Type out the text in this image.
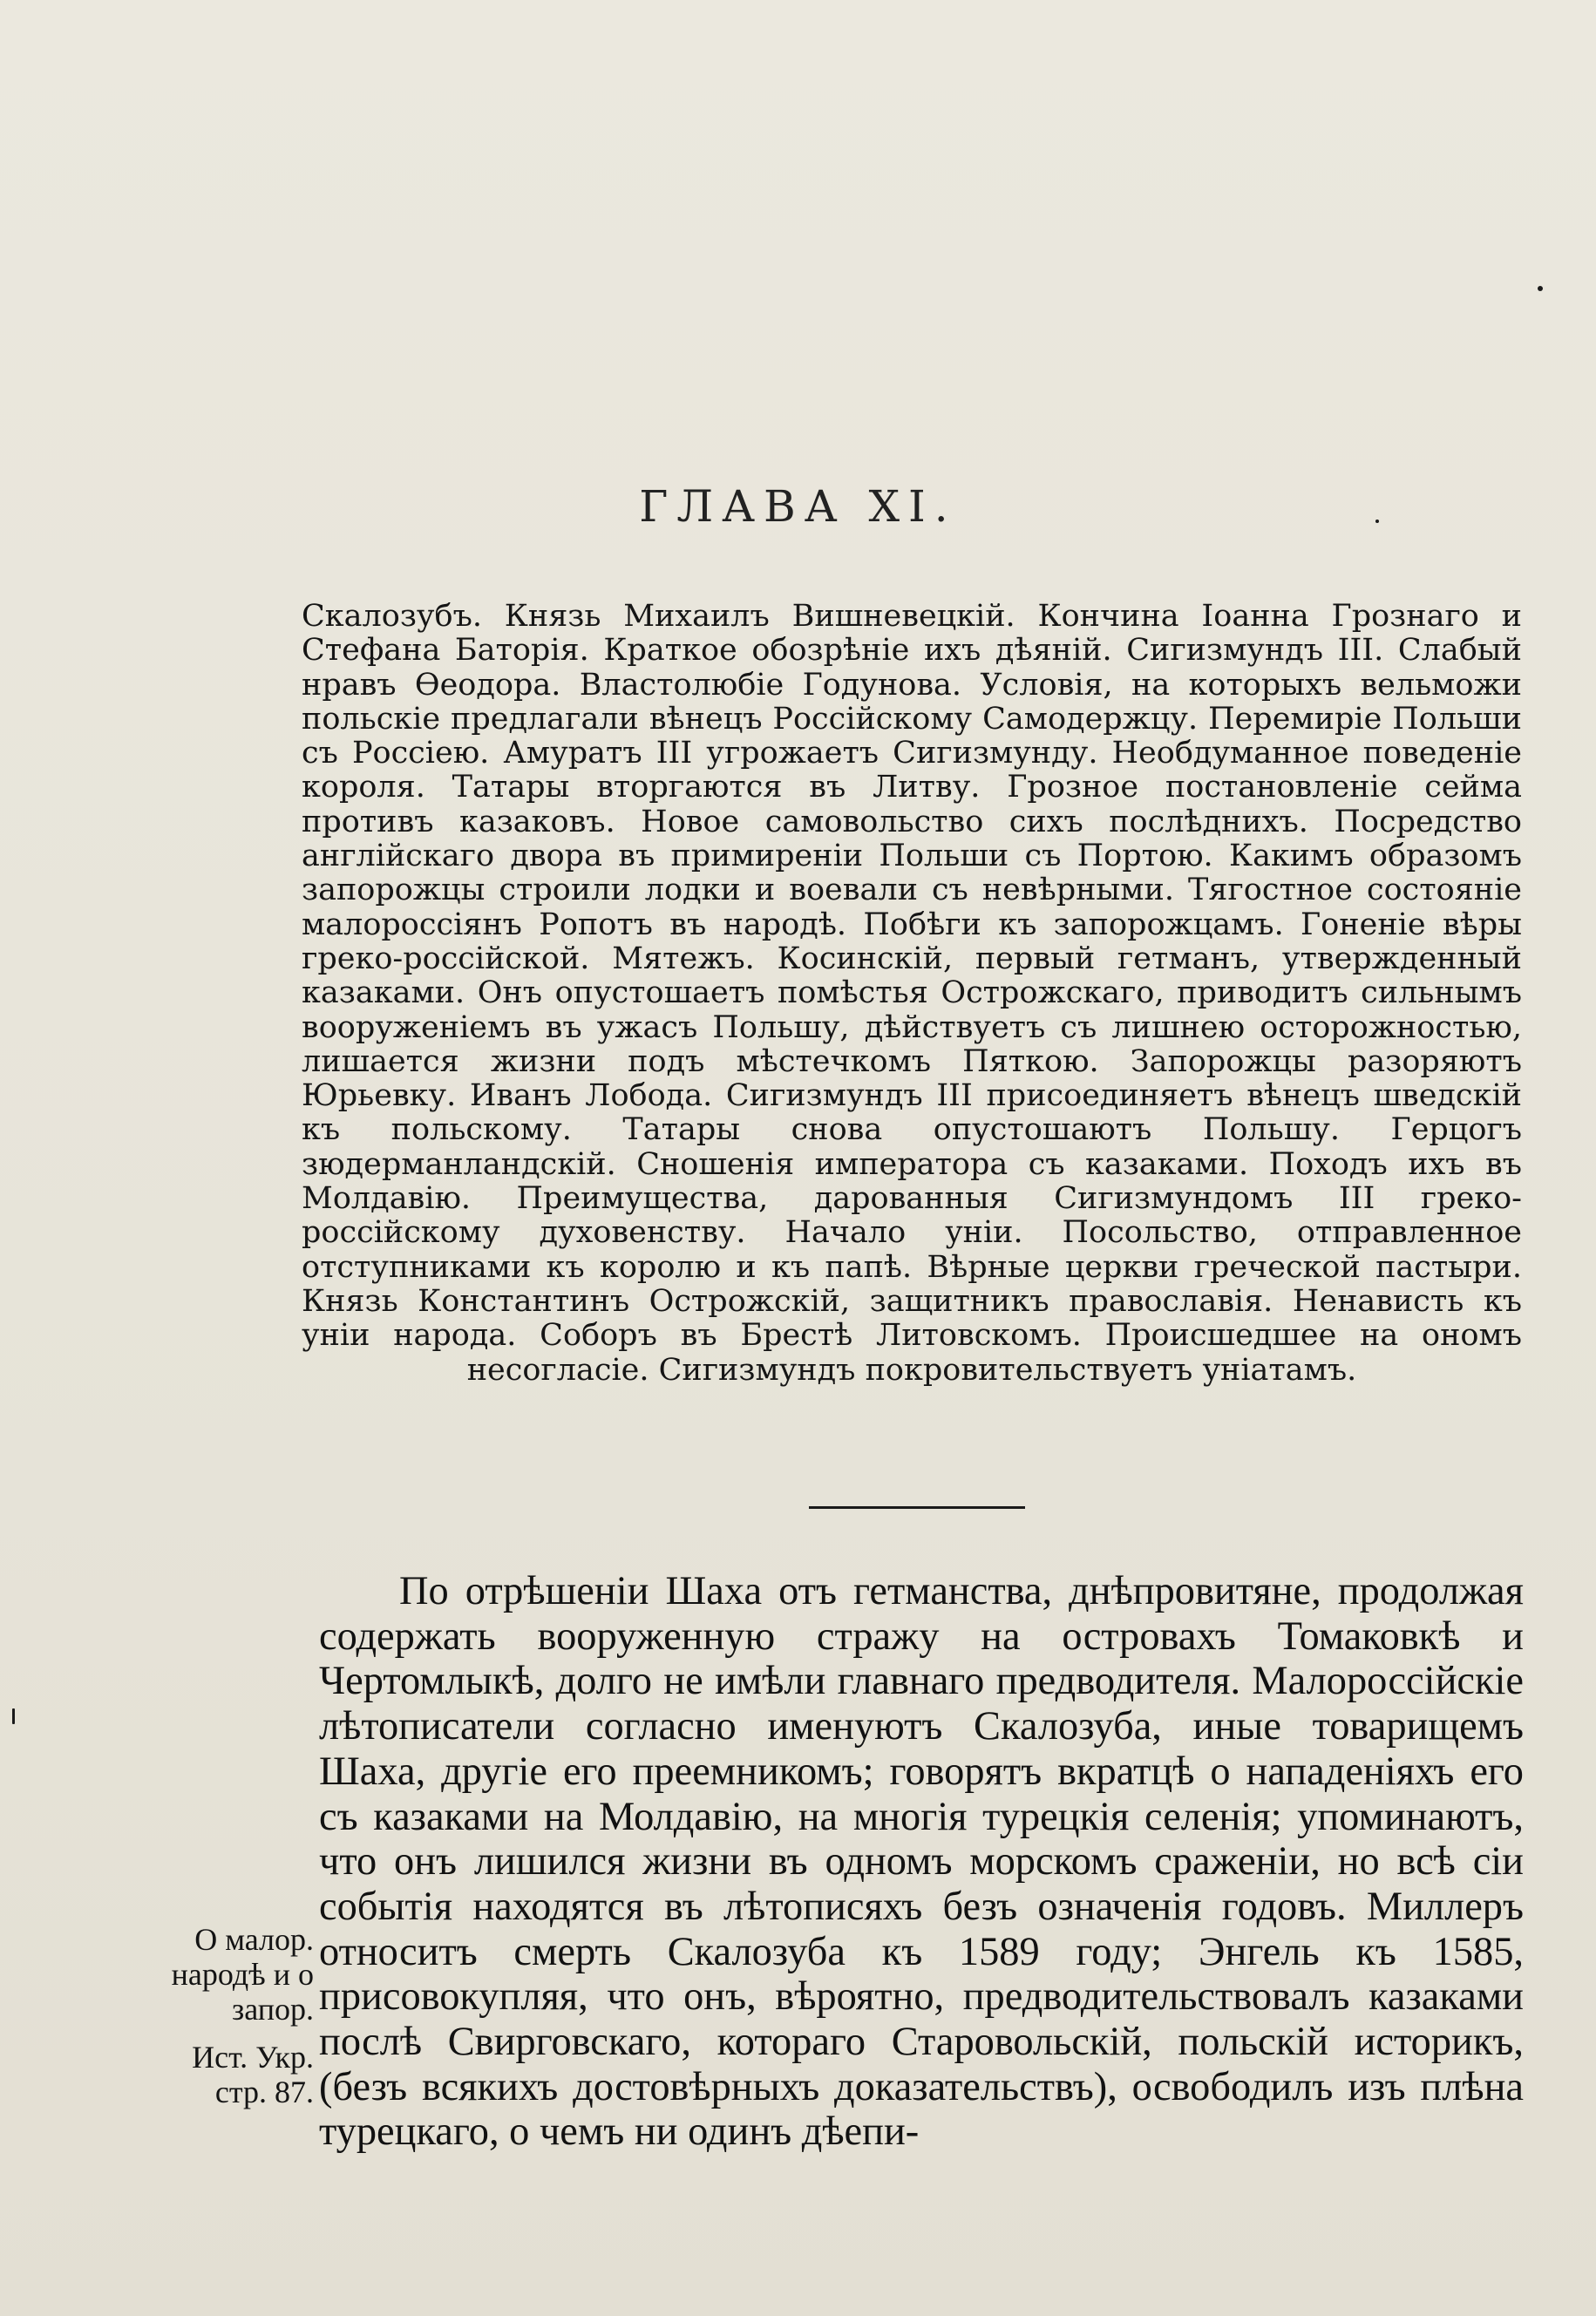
ГЛАВА XI.

Скалозубъ. Князь Михаилъ Вишневецкій. Кончина Іоанна Грознаго и Стефана Баторія. Краткое обозрѣніе ихъ дѣяній. Сигизмундъ III. Слабый нравъ Ѳеодора. Властолюбіе Годунова. Условія, на которыхъ вельможи польскіе предлагали вѣнецъ Россійскому Самодержцу. Перемиріе Польши съ Россіею. Амуратъ III угрожаетъ Сигизмунду. Необдуманное поведеніе короля. Татары вторгаются въ Литву. Грозное постановленіе сейма противъ казаковъ. Новое самовольство сихъ послѣднихъ. Посредство англійскаго двора въ примиреніи Польши съ Портою. Какимъ образомъ запорожцы строили лодки и воевали съ невѣрными. Тягостное состояніе малороссіянъ Ропотъ въ народѣ. Побѣги къ запорожцамъ. Гоненіе вѣры греко-россійской. Мятежъ. Косинскій, первый гетманъ, утвержденный казаками. Онъ опустошаетъ помѣстья Острожскаго, приводитъ сильнымъ вооруженіемъ въ ужасъ Польшу, дѣйствуетъ съ лишнею осторожностью, лишается жизни подъ мѣстечкомъ Пяткою. Запорожцы разоряютъ Юрьевку. Иванъ Лобода. Сигизмундъ III присоединяетъ вѣнецъ шведскій къ польскому. Татары снова опустошаютъ Польшу. Герцогъ зюдерманландскій. Сношенія императора съ казаками. Походъ ихъ въ Молдавію. Преимущества, дарованныя Сигизмундомъ III греко-россійскому духовенству. Начало уніи. Посольство, отправленное отступниками къ королю и къ папѣ. Вѣрные церкви греческой пастыри. Князь Константинъ Острожскій, защитникъ православія. Ненависть къ уніи народа. Соборъ въ Брестѣ Литовскомъ. Происшедшее на ономъ несогласіе. Сигизмундъ покровительствуетъ уніатамъ.

По отрѣшеніи Шаха отъ гетманства, днѣпровитяне, продолжая содержать вооруженную стражу на островахъ Томаковкѣ и Чертомлыкѣ, долго не имѣли главнаго предводителя. Малороссійскіе лѣтописатели согласно именуютъ Скалозуба, иные товарищемъ Шаха, другіе его преемникомъ; говорятъ вкратцѣ о нападеніяхъ его съ казаками на Молдавію, на многія турецкія селенія; упоминаютъ, что онъ лишился жизни въ одномъ морскомъ сраженіи, но всѣ сіи событія находятся въ лѣтописяхъ безъ означенія годовъ. Миллеръ относитъ смерть Скалозуба къ 1589 году; Энгель къ 1585, присовокупляя, что онъ, вѣроятно, предводительствовалъ казаками послѣ Свирговскаго, котораго Старовольскій, польскій историкъ, (безъ всякихъ достовѣрныхъ доказательствъ), освободилъ изъ плѣна турецкаго, о чемъ ни одинъ дѣепи-

О малор. народѣ и о запор.

Ист. Укр. стр. 87.
